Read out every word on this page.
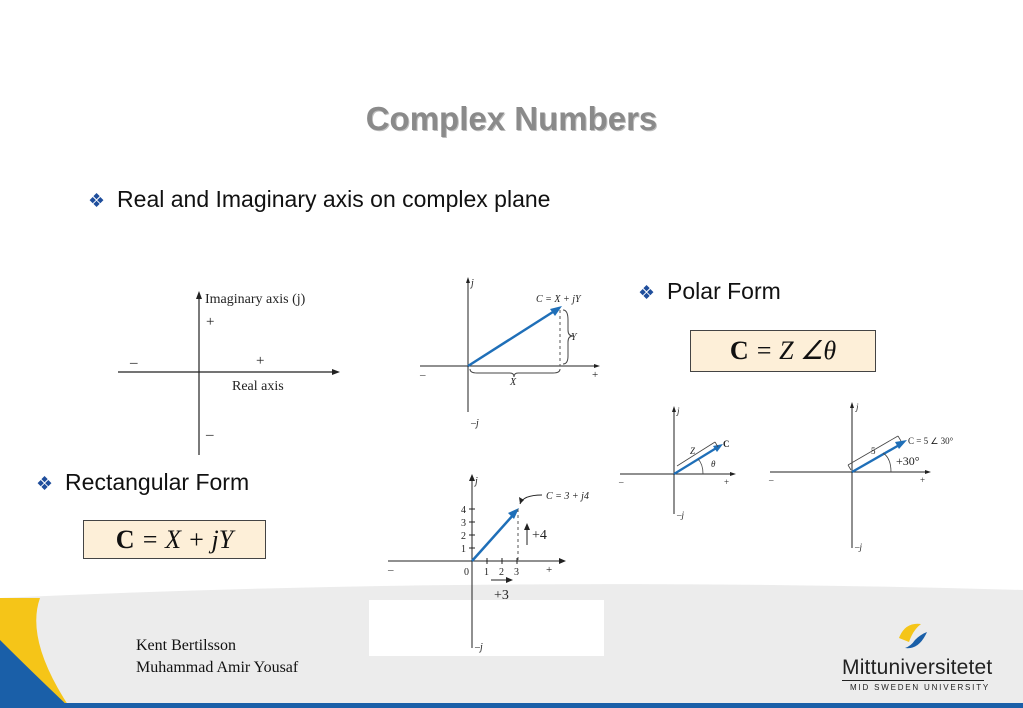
Complex Numbers
❖ Real and Imaginary axis on complex plane
❖ Polar Form
❖ Rectangular Form
C
= Z ∠θ
C
= X + jY
Imaginary axis (j)
+
–	+
Real axis
–
j
C = X + jY
Y
X
–	+
–j
j
C = 3 + j4
4
3
2
1
0 1 2 3
+4
+3
–	+
–j
j
Z
C
θ
–	+
–j
j
5
C = 5 ∠ 30°
+30°
–	+
–j
Kent Bertilsson
Muhammad Amir Yousaf	Mittuniversitetet
MID SWEDEN UNIVERSITY
